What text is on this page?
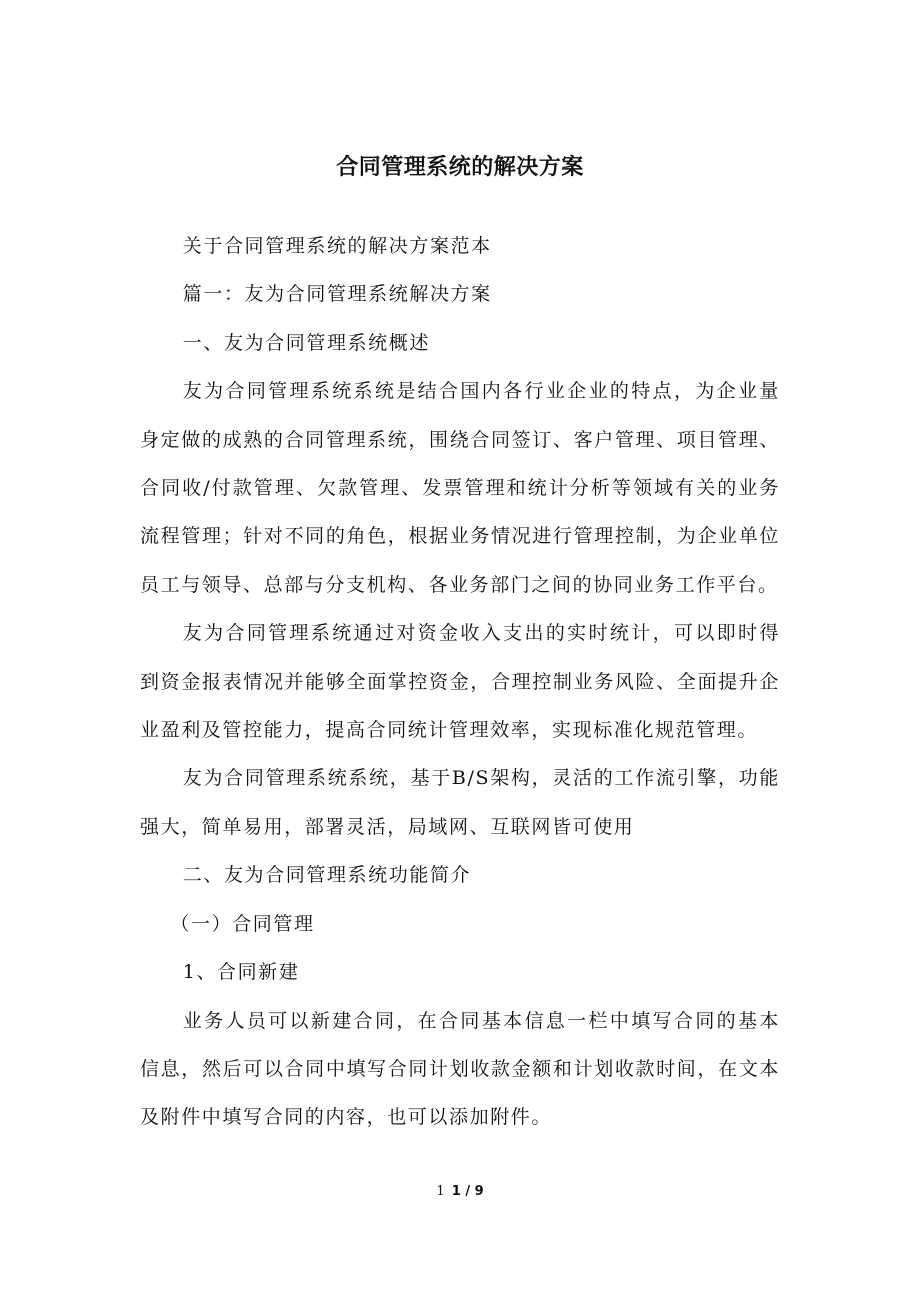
合同管理系统的解决方案

关于合同管理系统的解决方案范本

篇一：友为合同管理系统解决方案

一、友为合同管理系统概述

友为合同管理系统系统是结合国内各行业企业的特点，为企业量身定做的成熟的合同管理系统，围绕合同签订、客户管理、项目管理、合同收/付款管理、欠款管理、发票管理和统计分析等领域有关的业务流程管理；针对不同的角色，根据业务情况进行管理控制，为企业单位员工与领导、总部与分支机构、各业务部门之间的协同业务工作平台。

友为合同管理系统通过对资金收入支出的实时统计，可以即时得到资金报表情况并能够全面掌控资金，合理控制业务风险、全面提升企业盈利及管控能力，提高合同统计管理效率，实现标准化规范管理。

友为合同管理系统系统，基于B/S架构，灵活的工作流引擎，功能强大，简单易用，部署灵活，局域网、互联网皆可使用

二、友为合同管理系统功能简介

（一）合同管理

1、合同新建

业务人员可以新建合同，在合同基本信息一栏中填写合同的基本信息，然后可以合同中填写合同计划收款金额和计划收款时间，在文本及附件中填写合同的内容，也可以添加附件。

1 1 / 9
